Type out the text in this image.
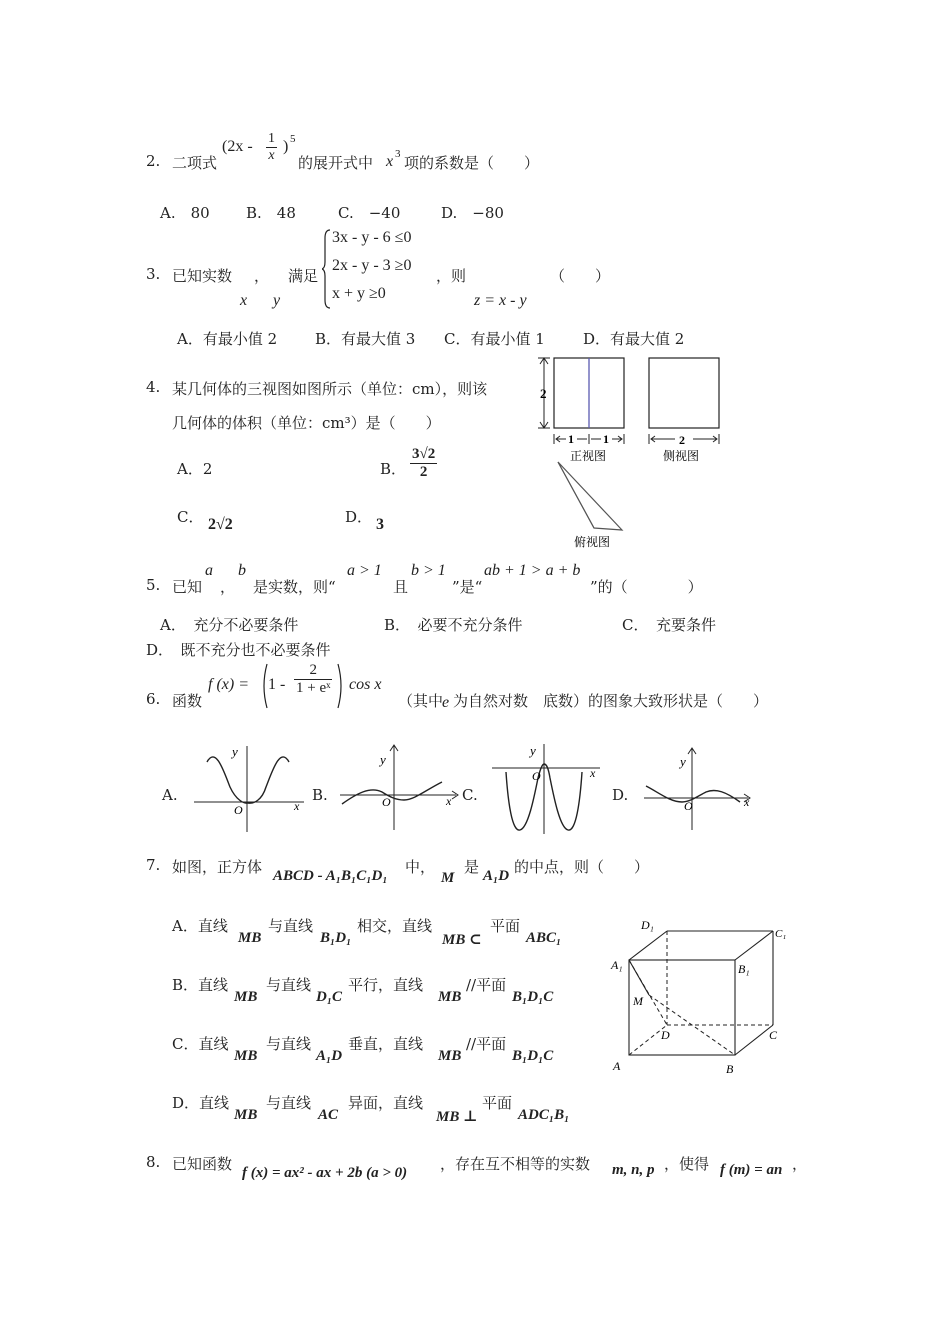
2. 二项式
($2x - \frac{1}{x}$ ) 5
的展开式中 x 3 项的系数是（　　）
A.　80 B.　48	C.　−40	D.　−80
3. 已知实数 ， 满足
x y
3x - y - 6 ≤0
2x - y - 3 ≥0
x + y ≥0
，则
z = x - y
（　　）
A．有最小值 2	B．有最大值 3 C．有最小值 1	D．有最大值 2
4. 某几何体的三视图如图所示（单位：cm），则该
几何体的体积（单位：cm³）是（　　）
A．2	B． $\frac{3√2}{2}$
C． 2√2	D． 3
2
1 1
正视图
2
侧视图
俯视图
5. 已知
a
，
b
是实数，则“
a > 1
且
b > 1
”是“
ab + 1 > a + b
”的（　　　　）
A．　充分不必要条件	B．　必要不充分条件	C．　充要条件
D．　既不充分也不必要条件
6. 函数
f $(x) = 1 - \frac{2}{\text{1 + eˣ}}$ cos x
（其中
e 为自然对数　底数）的图象大致形状是（　　）
A.
y
x
O
B.
y
x
O	C.
y
x
O
D.
y
x
O
7. 如图，正方体 ABCD - A₁B₁C₁D₁ 中，
M
是 A₁D 的中点，则（　　）
A．直线
MB
与直线
B₁D₁
相交，直线
MB ⊂
平面
ABC₁
B．直线
MB
与直线
D₁C
平行，直线
MB
//平面
B₁D₁C
C．直线
MB
与直线
A₁D
垂直，直线
MB
//平面
B₁D₁C
D．直线
MB
与直线
AC
异面，直线
MB ⊥
平面
ADC₁B₁
D₁
C₁
A₁	B₁
M
D	C
A	B
8. 已知函数 f (x) = ax² - ax + 2b (a > 0) ，存在互不相等的实数 m, n, p ，使得 f (m) = an ，
